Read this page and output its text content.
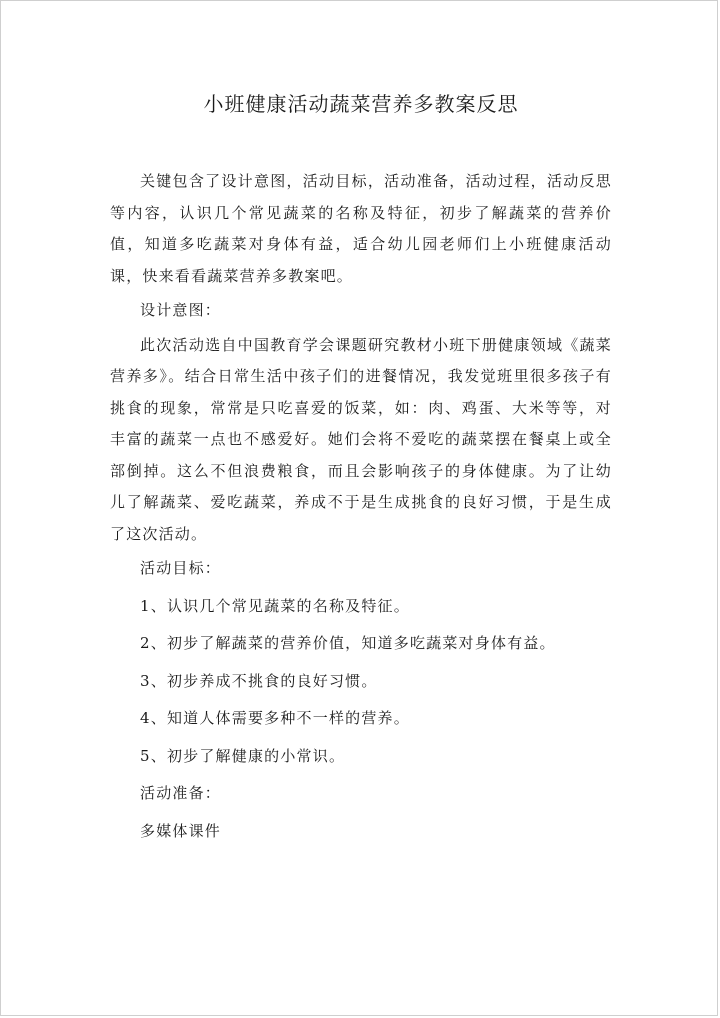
小班健康活动蔬菜营养多教案反思

关键包含了设计意图，活动目标，活动准备，活动过程，活动反思等内容，认识几个常见蔬菜的名称及特征，初步了解蔬菜的营养价值，知道多吃蔬菜对身体有益，适合幼儿园老师们上小班健康活动课，快来看看蔬菜营养多教案吧。

设计意图：

此次活动选自中国教育学会课题研究教材小班下册健康领域《蔬菜营养多》。结合日常生活中孩子们的进餐情况，我发觉班里很多孩子有挑食的现象，常常是只吃喜爱的饭菜，如：肉、鸡蛋、大米等等，对丰富的蔬菜一点也不感爱好。她们会将不爱吃的蔬菜摆在餐桌上或全部倒掉。这么不但浪费粮食，而且会影响孩子的身体健康。为了让幼儿了解蔬菜、爱吃蔬菜，养成不于是生成挑食的良好习惯，于是生成了这次活动。

活动目标：

1、认识几个常见蔬菜的名称及特征。

2、初步了解蔬菜的营养价值，知道多吃蔬菜对身体有益。

3、初步养成不挑食的良好习惯。

4、知道人体需要多种不一样的营养。

5、初步了解健康的小常识。

活动准备：

多媒体课件
